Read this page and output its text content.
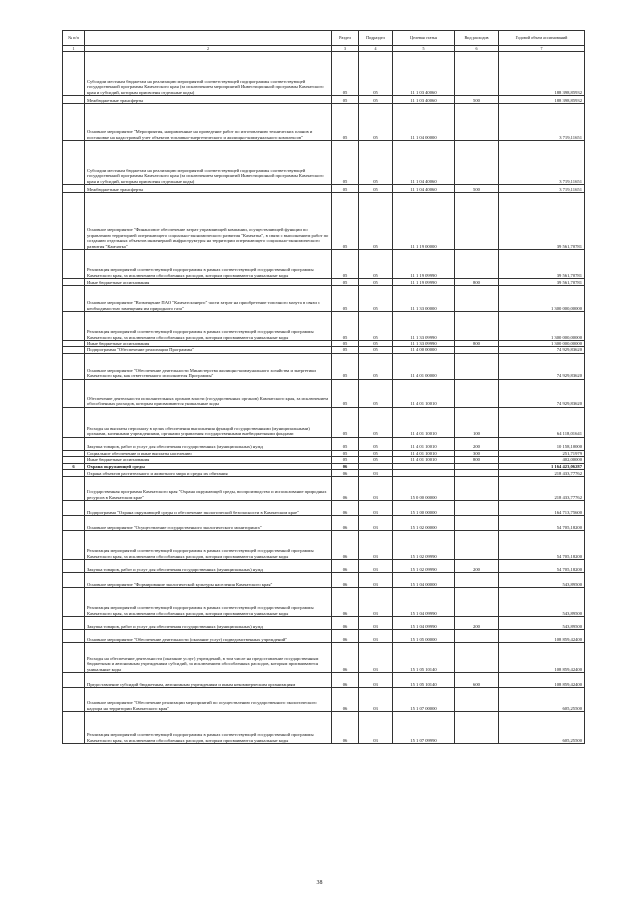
№ п/п		Раздел	Подраздел	Целевая статья	Вид расходов	Годовой объем ассигнований
1	2	3	4	5	6	7
	Субсидии местным бюджетам на реализацию мероприятий соответствующей подпрограммы соответствующей государственной программы Камчатского края (за исключением мероприятий Инвестиционной программы Камчатского края и субсидий, которым присвоены отдельные коды)	05	05	11 1 03 40060		188 398,85932
	Межбюджетные трансферты	05	05	11 1 03 40060	500	188 398,85932
	Основное мероприятие "Мероприятия, направленные на проведение работ по изготовлению технических планов и постановке на кадастровый учет объектов топливно-энергетического и жилищно-коммунального комплексов"	05	05	11 1 04 00000		3 719,11651
	Субсидии местным бюджетам на реализацию мероприятий соответствующей подпрограммы соответствующей государственной программы Камчатского края (за исключением мероприятий Инвестиционной программы Камчатского края и субсидий, которым присвоены отдельные коды)	05	05	11 1 04 40060		3 719,11651
	Межбюджетные трансферты	05	05	11 1 04 40060	500	3 719,11651
	Основное мероприятие "Финансовое обеспечение затрат управляющей компании, осуществляющей функции по управлению территорией опережающего социально-экономического развития "Камчатка", в связи с выполнением работ по созданию отдельных объектов инженерной инфраструктуры на территории опережающего социально-экономического развития "Камчатка"	05	05	11 1 19 00000		39 561,70781
	Реализация мероприятий соответствующей подпрограммы в рамках соответствующей государственной программы Камчатского края, за исключением обособленных расходов, которым присваиваются уникальные коды	05	05	11 1 19 09990		39 561,70781
	Иные бюджетные ассигнования	05	05	11 1 19 09990	800	39 561,70781
	Основное мероприятие "Возмещение ПАО "Камчатскэнерго" части затрат на приобретение топочного мазута в связи с необходимостью замещения им природного газа"	05	05	11 1 33 00000		1 300 000,00000
	Реализация мероприятий соответствующей подпрограммы в рамках соответствующей государственной программы Камчатского края, за исключением обособленных расходов, которым присваиваются уникальные коды	05	05	11 1 33 09990		1 300 000,00000
	Иные бюджетные ассигнования	05	05	11 1 33 09990	800	1 300 000,00000
	Подпрограмма "Обеспечение реализации Программы"	05	05	11 4 00 00000		74 929,83620
	Основное мероприятие "Обеспечение деятельности Министерства жилищно-коммунального хозяйства и энергетики Камчатского края, как ответственного исполнителя Программы"	05	05	11 4 01 00000		74 929,83620
	Обеспечение деятельности исполнительных органов власти (государственных органов) Камчатского края, за исключением обособленных расходов, которым присваиваются уникальные коды	05	05	11 4 01 10010		74 929,83620
	Расходы на выплаты персоналу в целях обеспечения выполнения функций государственными (муниципальными) органами, казенными учреждениями, органами управления государственными внебюджетными фондами	05	05	11 4 01 10010	100	64 118,01641
	Закупка товаров, работ и услуг для обеспечения государственных (муниципальных) нужд	05	05	11 4 01 10010	200	10 158,10000
	Социальное обеспечение и иные выплаты населению	05	05	11 4 01 10010	300	251,71979
	Иные бюджетные ассигнования	05	05	11 4 01 10010	800	402,00000
6	Охрана окружающей среды	06				1 164 423,06287
	Охрана объектов растительного и животного мира и среды их обитания	06	03			218 433,77762
	Государственная программа Камчатского края "Охрана окружающей среды, воспроизводство и использование природных ресурсов в Камчатском крае"	06	03	15 0 00 00000		218 433,77762
	Подпрограмма "Охрана окружающей среды и обеспечение экологической безопасности в Камчатском крае"	06	03	15 1 00 00000		164 713,75600
	Основное мероприятие "Осуществление государственного экологического мониторинга"	06	03	15 1 02 00000		54 705,18200
	Реализация мероприятий соответствующей подпрограммы в рамках соответствующей государственной программы Камчатского края, за исключением обособленных расходов, которым присваиваются уникальные коды	06	03	15 1 02 09990		54 705,18200
	Закупка товаров, работ и услуг для обеспечения государственных (муниципальных) нужд	06	03	15 1 02 09990	200	54 705,18200
	Основное мероприятие "Формирование экологической культуры населения Камчатского края"	06	03	15 1 04 00000		543,89500
	Реализация мероприятий соответствующей подпрограммы в рамках соответствующей государственной программы Камчатского края, за исключением обособленных расходов, которым присваиваются уникальные коды	06	03	15 1 04 09990		543,89500
	Закупка товаров, работ и услуг для обеспечения государственных (муниципальных) нужд	06	03	15 1 04 09990	200	543,89500
	Основное мероприятие "Обеспечение деятельности (оказание услуг) подведомственных учреждений"	06	03	15 1 05 00000		108 859,42400
	Расходы на обеспечение деятельности (оказание услуг) учреждений, в том числе на предоставление государственным бюджетным и автономным учреждениям субсидий, за исключением обособленных расходов, которым присваиваются уникальные коды	06	03	15 1 05 10140		108 859,42400
	Предоставление субсидий бюджетным, автономным учреждениям и иным некоммерческим организациям	06	03	15 1 05 10140	600	108 859,42400
	Основное мероприятие "Обеспечение реализации мероприятий по осуществлению государственного экологического надзора на территории Камчатского края"	06	03	15 1 07 00000		605,25500
	Реализация мероприятий соответствующей подпрограммы в рамках соответствующей государственной программы Камчатского края, за исключением обособленных расходов, которым присваиваются уникальные коды	06	03	15 1 07 09990		605,25500
38
